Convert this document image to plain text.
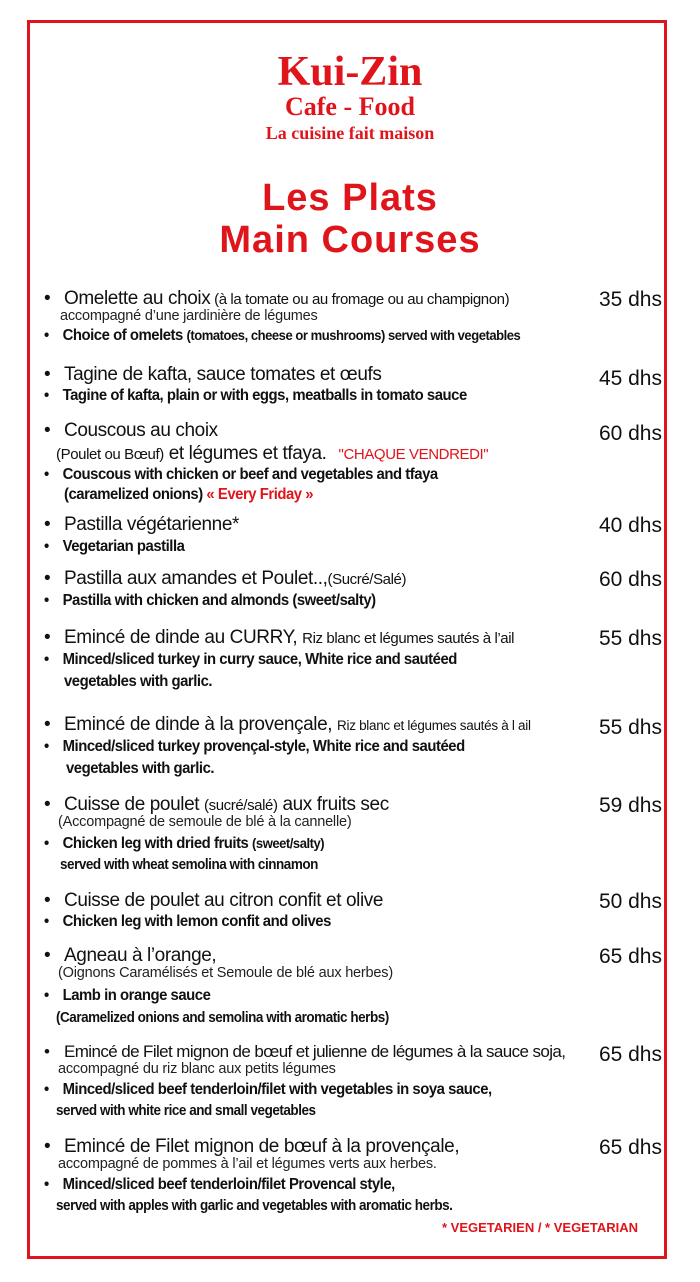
Kui-Zin
Cafe - Food
La cuisine fait maison
Les Plats
Main Courses
• Omelette au choix (à la tomate ou au fromage ou au champignon)
accompagné d’une jardinière de légumes
• Choice of omelets (tomatoes, cheese or mushrooms) served with vegetables
35 dhs
• Tagine de kafta, sauce tomates et œufs
• Tagine of kafta, plain or with eggs, meatballs in tomato sauce
45 dhs
• Couscous au choix
(Poulet ou Bœuf) et légumes et tfaya. "CHAQUE VENDREDI"
• Couscous with chicken or beef and vegetables and tfaya
(caramelized onions) « Every Friday »
60 dhs
• Pastilla végétarienne*
• Vegetarian pastilla
40 dhs
• Pastilla aux amandes et Poulet..,(Sucré/Salé)
• Pastilla with chicken and almonds (sweet/salty)
60 dhs
• Emincé de dinde au CURRY, Riz blanc et légumes sautés à l’ail
• Minced/sliced turkey in curry sauce, White rice and sautéed
vegetables with garlic.
55 dhs
• Emincé de dinde à la provençale, Riz blanc et légumes sautés à l ail
• Minced/sliced turkey provençal-style, White rice and sautéed
vegetables with garlic.
55 dhs
• Cuisse de poulet (sucré/salé) aux fruits sec
(Accompagné de semoule de blé à la cannelle)
• Chicken leg with dried fruits (sweet/salty)
served with wheat semolina with cinnamon
59 dhs
• Cuisse de poulet au citron confit et olive
• Chicken leg with lemon confit and olives
50 dhs
• Agneau à l’orange,
(Oignons Caramélisés et Semoule de blé aux herbes)
• Lamb in orange sauce
(Caramelized onions and semolina with aromatic herbs)
65 dhs
• Emincé de Filet mignon de bœuf et julienne de légumes à la sauce soja,
accompagné du riz blanc aux petits légumes
• Minced/sliced beef tenderloin/filet with vegetables in soya sauce,
served with white rice and small vegetables
65 dhs
• Emincé de Filet mignon de bœuf à la provençale,
accompagné de pommes à l’ail et légumes verts aux herbes.
• Minced/sliced beef tenderloin/filet Provencal style,
served with apples with garlic and vegetables with aromatic herbs.
65 dhs
* VEGETARIEN / * VEGETARIAN
